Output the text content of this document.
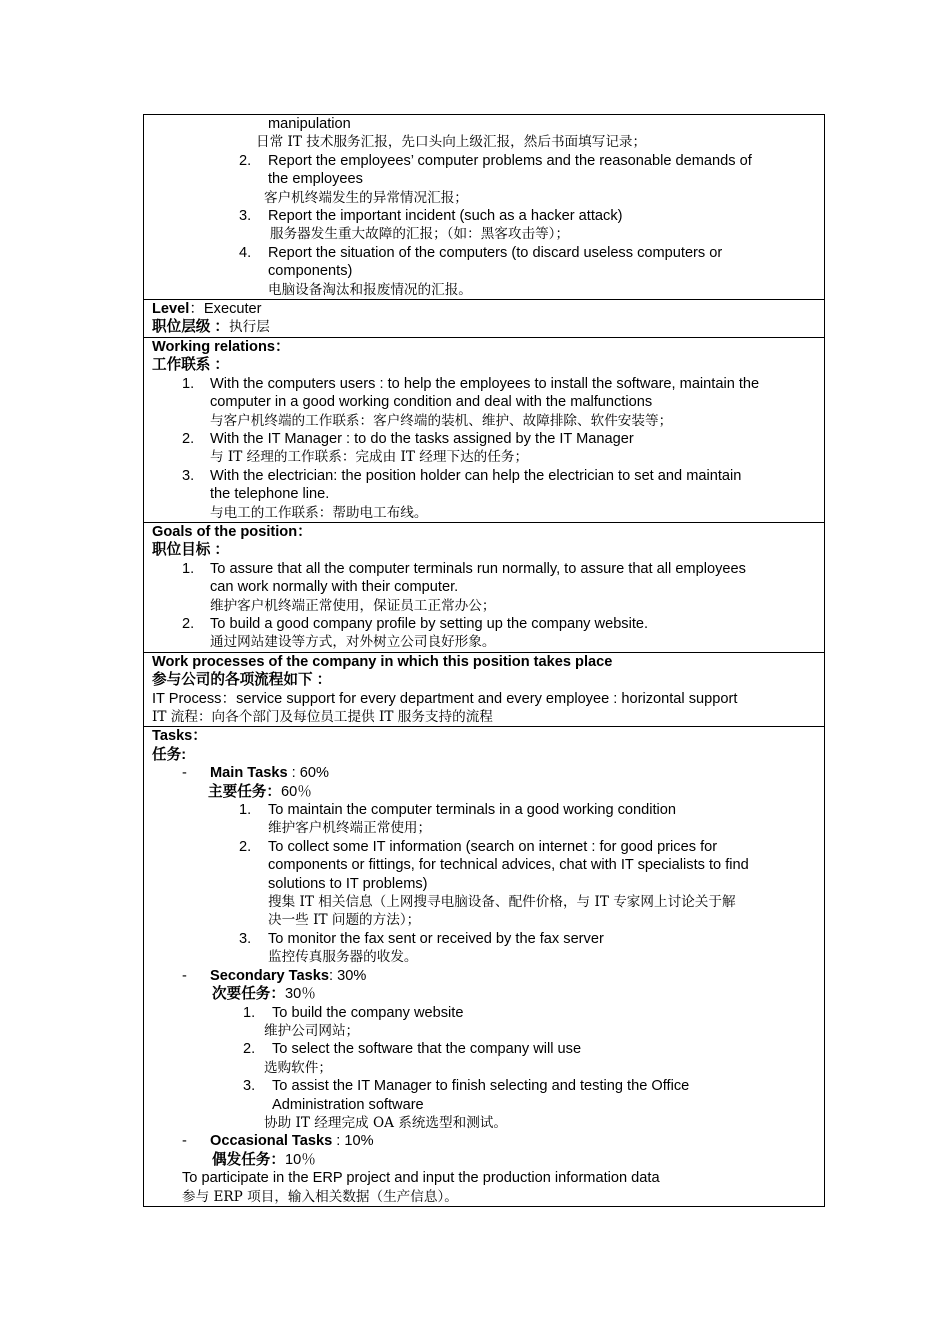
manipulation
日常 IT 技术服务汇报，先口头向上级汇报，然后书面填写记录；
2.	Report the employees’ computer problems and the reasonable demands of
the employees
客户机终端发生的异常情况汇报；
3.	Report the important incident (such as a hacker attack)
服务器发生重大故障的汇报；（如：黑客攻击等）；
4.	Report the situation of the computers (to discard useless computers or
components)
电脑设备淘汰和报废情况的汇报。
Level：Executer
职位层级 ：执行层
Working relations：
工作联系 ：
1.	With the computers users : to help the employees to install the software, maintain the
computer in a good working condition and deal with the malfunctions
与客户机终端的工作联系：客户终端的装机、维护、故障排除、软件安装等；
2.	With the IT Manager : to do the tasks assigned by the IT Manager
与 IT 经理的工作联系：完成由 IT 经理下达的任务；
3.	With the electrician: the position holder can help the electrician to set and maintain
the telephone line.
与电工的工作联系：帮助电工布线。
Goals of the position：
职位目标 ：
1.	To assure that all the computer terminals run normally, to assure that all employees
can work normally with their computer.
维护客户机终端正常使用，保证员工正常办公；
2.	To build a good company profile by setting up the company website.
通过网站建设等方式，对外树立公司良好形象。
Work processes of the company in which this position takes place
参与公司的各项流程如下 ：
IT Process：service support for every department and every employee : horizontal support
IT 流程：向各个部门及每位员工提供 IT 服务支持的流程
Tasks：
任务:
-	Main Tasks : 60%
主要任务：60％
1.	To maintain the computer terminals in a good working condition
维护客户机终端正常使用；
2.	To collect some IT information (search on internet : for good prices for
components or fittings, for technical advices, chat with IT specialists to find
solutions to IT problems)
搜集 IT 相关信息（上网搜寻电脑设备、配件价格，与 IT 专家网上讨论关于解
决一些 IT 问题的方法）；
3.	To monitor the fax sent or received by the fax server
监控传真服务器的收发。
-	Secondary Tasks: 30%
次要任务：30％
1.	To build the company website
维护公司网站；
2.	To select the software that the company will use
选购软件；
3.	To assist the IT Manager to finish selecting and testing the Office
Administration software
协助 IT 经理完成 OA 系统选型和测试。
-	Occasional Tasks : 10%
偶发任务：10％
To participate in the ERP project and input the production information data
参与 ERP 项目，输入相关数据（生产信息）。
